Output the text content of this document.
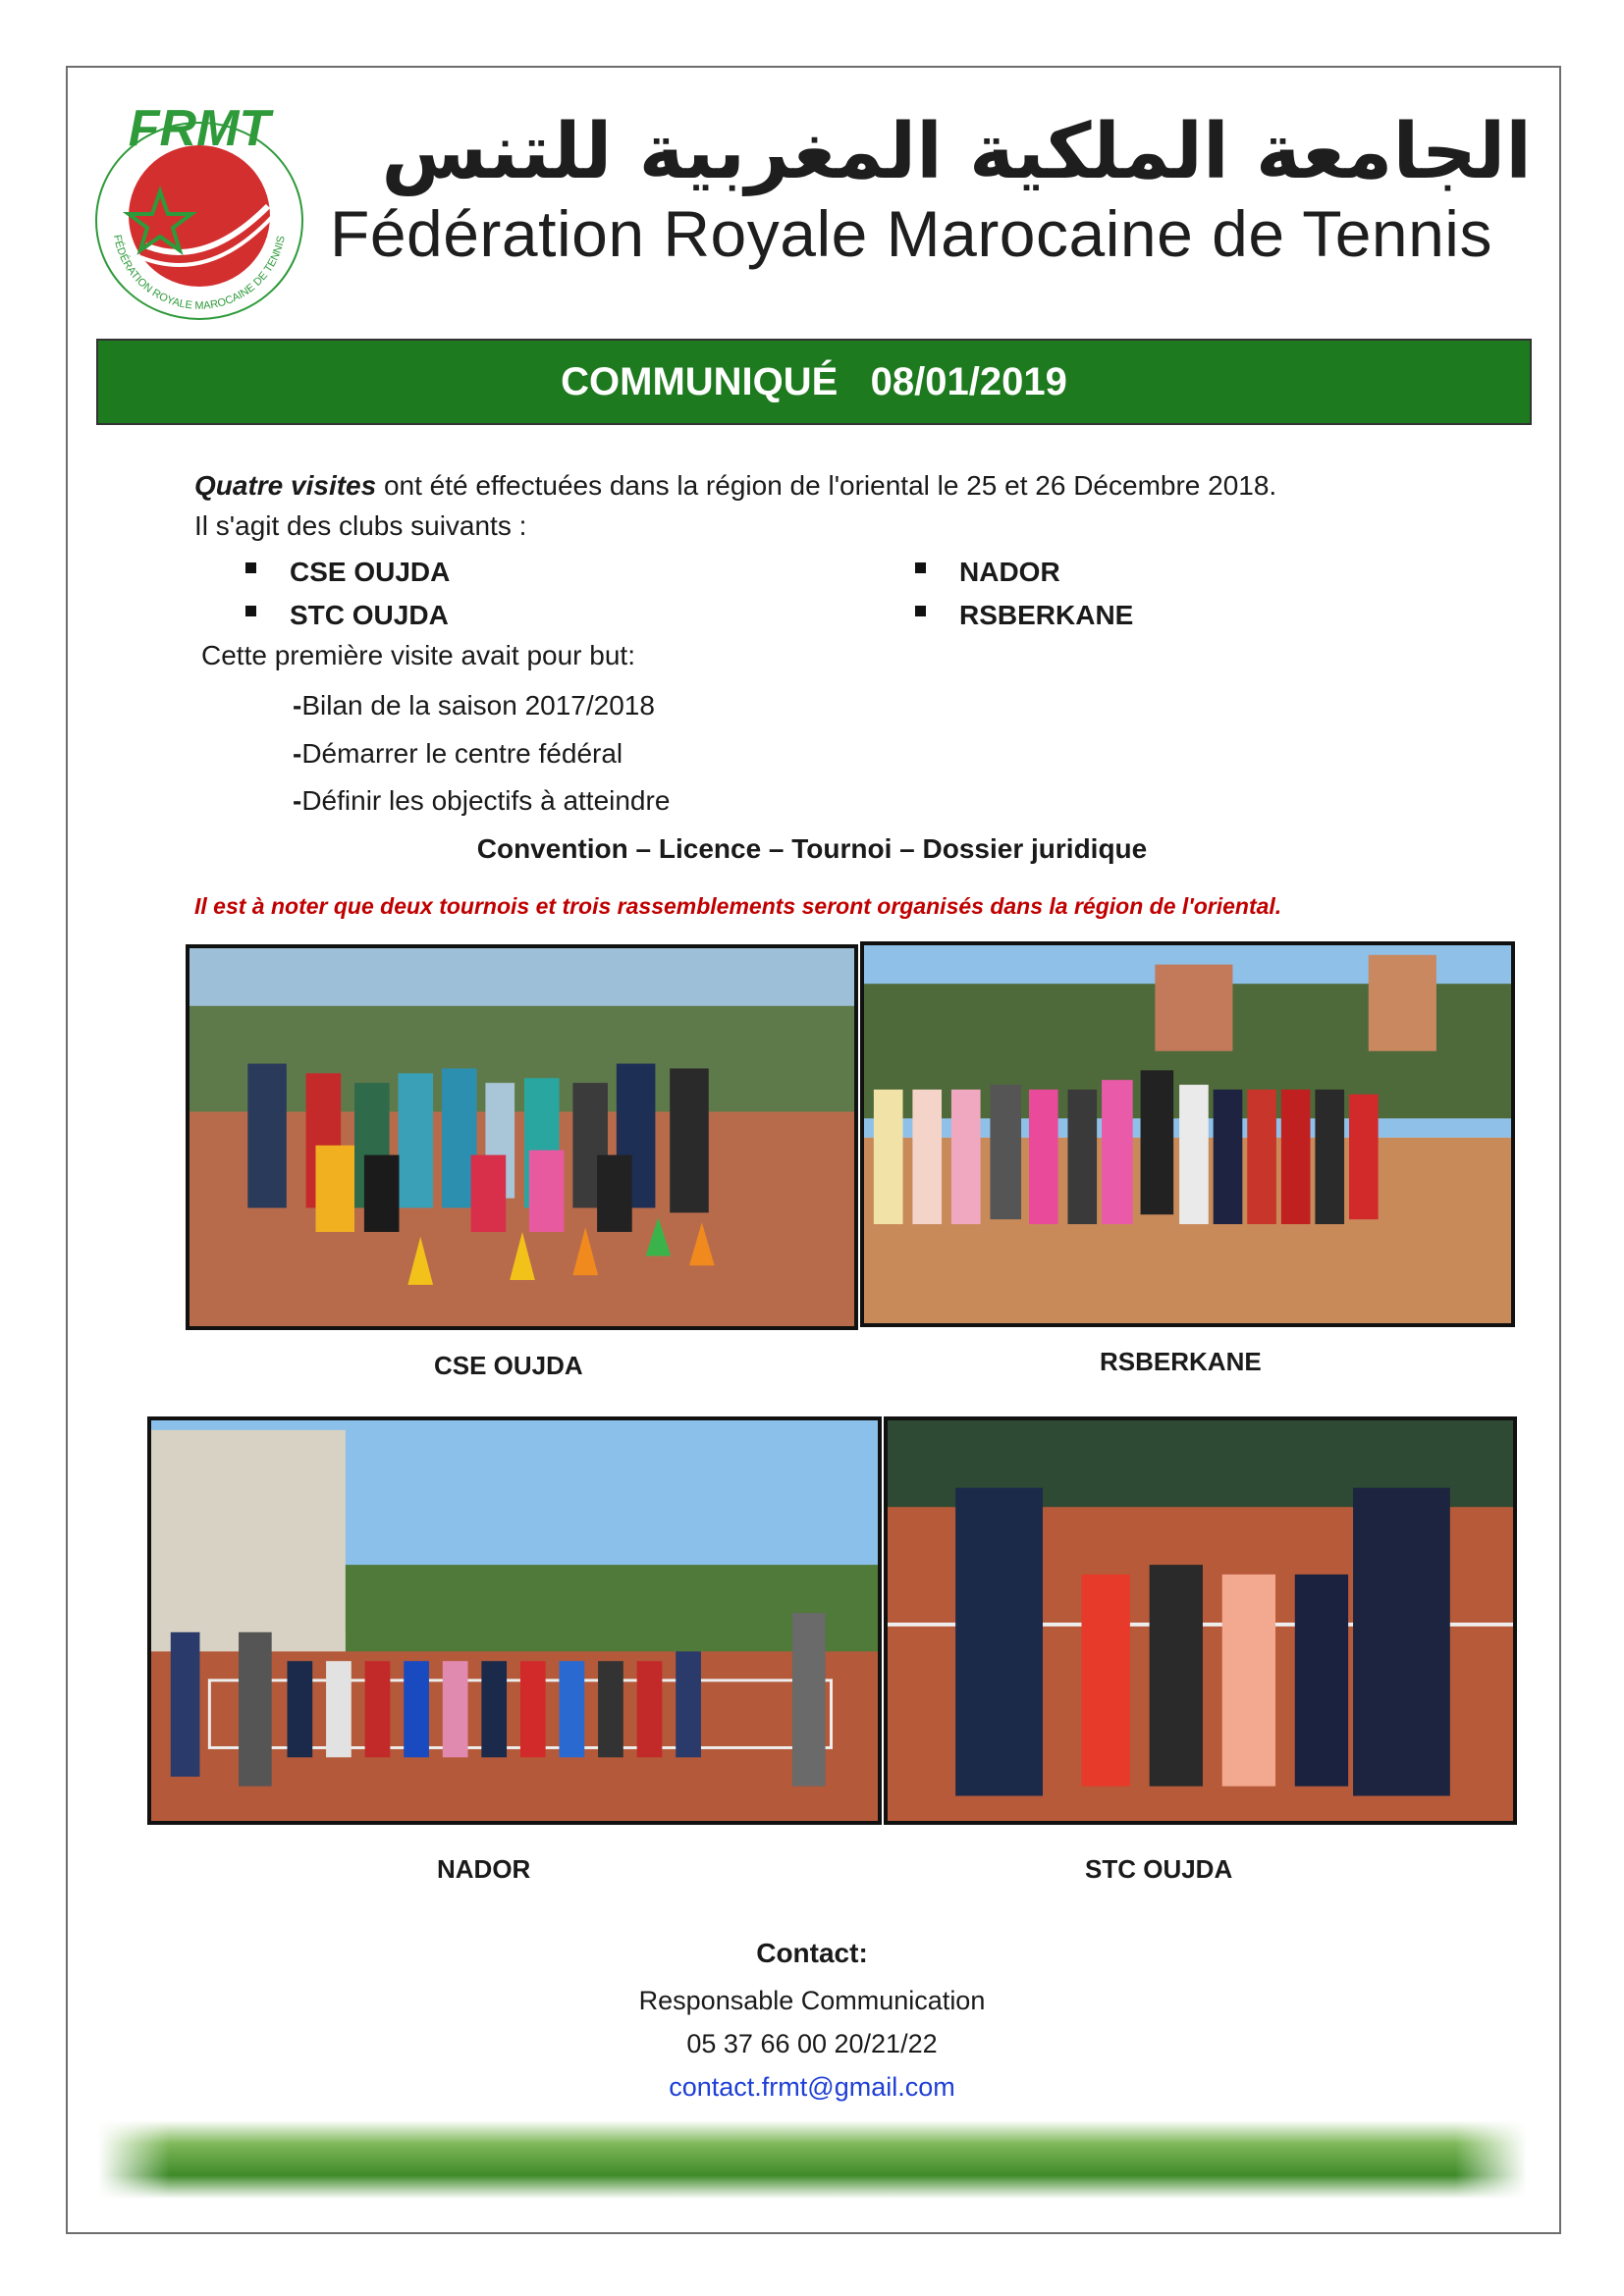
FRMT
FÉDÉRATION ROYALE MAROCAINE DE TENNIS
الجامعة الملكية المغربية للتنس
Fédération Royale Marocaine de Tennis
COMMUNIQUÉ   08/01/2019
Quatre visites ont été effectuées dans la région de l'oriental le 25 et 26 Décembre 2018.
Il s'agit des clubs suivants :
CSE OUJDA
STC OUJDA
NADOR
RSBERKANE
Cette première visite avait pour but:
-Bilan de la saison 2017/2018
-Démarrer le centre fédéral
-Définir les objectifs à atteindre
Convention – Licence – Tournoi – Dossier juridique
Il est à noter que deux tournois et trois rassemblements seront organisés dans la région de l'oriental.
CSE OUJDA	RSBERKANE
NADOR	STC OUJDA
Contact:
Responsable Communication
05 37 66 00 20/21/22
contact.frmt@gmail.com
